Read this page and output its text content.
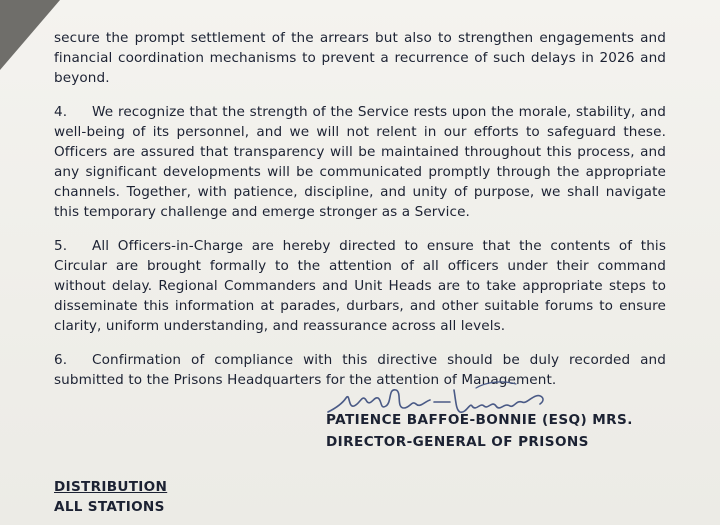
secure the prompt settlement of the arrears but also to strengthen engagements and financial coordination mechanisms to prevent a recurrence of such delays in 2026 and beyond.

4. We recognize that the strength of the Service rests upon the morale, stability, and well-being of its personnel, and we will not relent in our efforts to safeguard these. Officers are assured that transparency will be maintained throughout this process, and any significant developments will be communicated promptly through the appropriate channels. Together, with patience, discipline, and unity of purpose, we shall navigate this temporary challenge and emerge stronger as a Service.

5. All Officers-in-Charge are hereby directed to ensure that the contents of this Circular are brought formally to the attention of all officers under their command without delay. Regional Commanders and Unit Heads are to take appropriate steps to disseminate this information at parades, durbars, and other suitable forums to ensure clarity, uniform understanding, and reassurance across all levels.

6. Confirmation of compliance with this directive should be duly recorded and submitted to the Prisons Headquarters for the attention of Management.

PATIENCE BAFFOE-BONNIE (ESQ) MRS.
DIRECTOR-GENERAL OF PRISONS
DISTRIBUTION
ALL STATIONS
